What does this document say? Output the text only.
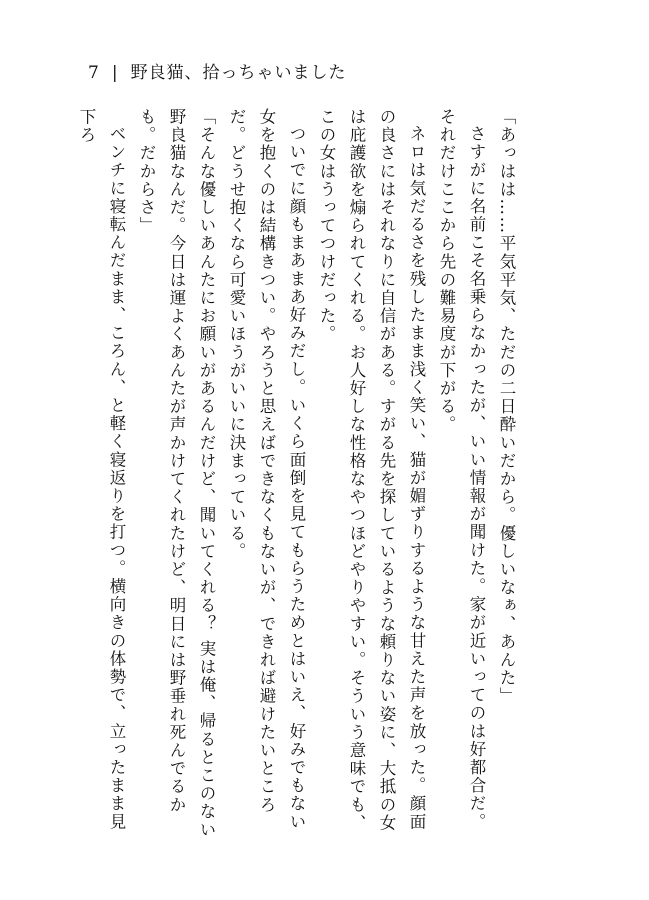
7 | 野良猫、拾っちゃいました

「あっはは……平気平気、ただの二日酔いだから。優しいなぁ、あんた」

さすがに名前こそ名乗らなかったが、いい情報が聞けた。家が近いってのは好都合だ。それだけここから先の難易度が下がる。

ネロは気だるさを残したまま浅く笑い、猫が媚ずりするような甘えた声を放った。顔面の良さにはそれなりに自信がある。すがる先を探しているような頼りない姿に、大抵の女は庇護欲を煽られてくれる。お人好しな性格なやつほどやりやすい。そういう意味でも、この女はうってつけだった。

ついでに顔もまあまあ好みだし。いくら面倒を見てもらうためとはいえ、好みでもない女を抱くのは結構きつい。やろうと思えばできなくもないが、できれば避けたいところだ。どうせ抱くなら可愛いほうがいいに決まっている。

「そんな優しいあんたにお願いがあるんだけど、聞いてくれる？ 実は俺、帰るとこのない野良猫なんだ。今日は運よくあんたが声かけてくれたけど、明日には野垂れ死んでるかも。だからさ」

ベンチに寝転んだまま、ころん、と軽く寝返りを打つ。横向きの体勢で、立ったまま見下ろ
